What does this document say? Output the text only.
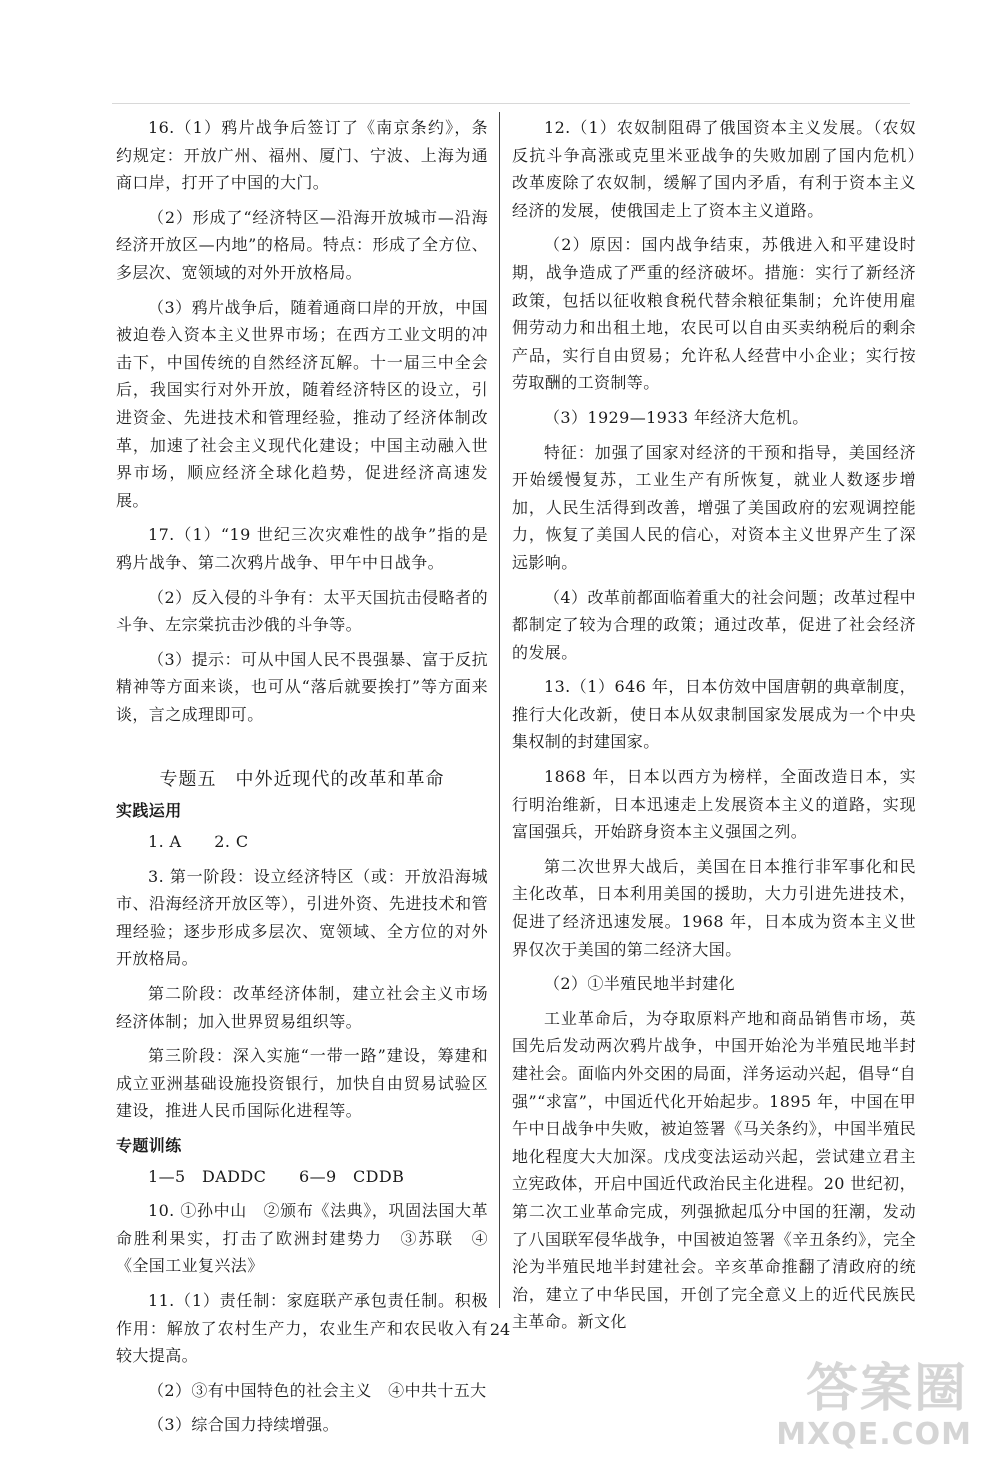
16.（1）鸦片战争后签订了《南京条约》，条约规定：开放广州、福州、厦门、宁波、上海为通商口岸，打开了中国的大门。

（2）形成了“经济特区—沿海开放城市—沿海经济开放区—内地”的格局。特点：形成了全方位、多层次、宽领域的对外开放格局。

（3）鸦片战争后，随着通商口岸的开放，中国被迫卷入资本主义世界市场；在西方工业文明的冲击下，中国传统的自然经济瓦解。十一届三中全会后，我国实行对外开放，随着经济特区的设立，引进资金、先进技术和管理经验，推动了经济体制改革，加速了社会主义现代化建设；中国主动融入世界市场，顺应经济全球化趋势，促进经济高速发展。

17.（1）“19 世纪三次灾难性的战争”指的是鸦片战争、第二次鸦片战争、甲午中日战争。

（2）反入侵的斗争有：太平天国抗击侵略者的斗争、左宗棠抗击沙俄的斗争等。

（3）提示：可从中国人民不畏强暴、富于反抗精神等方面来谈，也可从“落后就要挨打”等方面来谈，言之成理即可。

专题五　中外近现代的改革和革命
实践运用

1. A　　2. C

3. 第一阶段：设立经济特区（或：开放沿海城市、沿海经济开放区等），引进外资、先进技术和管理经验；逐步形成多层次、宽领域、全方位的对外开放格局。

第二阶段：改革经济体制，建立社会主义市场经济体制；加入世界贸易组织等。

第三阶段：深入实施“一带一路”建设，筹建和成立亚洲基础设施投资银行，加快自由贸易试验区建设，推进人民币国际化进程等。

专题训练

1—5　DADDC　　6—9　CDDB

10. ①孙中山　②颁布《法典》，巩固法国大革命胜利果实，打击了欧洲封建势力　③苏联　④《全国工业复兴法》

11.（1）责任制：家庭联产承包责任制。积极作用：解放了农村生产力，农业生产和农民收入有较大提高。

（2）③有中国特色的社会主义　④中共十五大

（3）综合国力持续增强。

12.（1）农奴制阻碍了俄国资本主义发展。（农奴反抗斗争高涨或克里米亚战争的失败加剧了国内危机）　改革废除了农奴制，缓解了国内矛盾，有利于资本主义经济的发展，使俄国走上了资本主义道路。

（2）原因：国内战争结束，苏俄进入和平建设时期，战争造成了严重的经济破坏。措施：实行了新经济政策，包括以征收粮食税代替余粮征集制；允许使用雇佣劳动力和出租土地，农民可以自由买卖纳税后的剩余产品，实行自由贸易；允许私人经营中小企业；实行按劳取酬的工资制等。

（3）1929—1933 年经济大危机。

特征：加强了国家对经济的干预和指导，美国经济开始缓慢复苏，工业生产有所恢复，就业人数逐步增加，人民生活得到改善，增强了美国政府的宏观调控能力，恢复了美国人民的信心，对资本主义世界产生了深远影响。

（4）改革前都面临着重大的社会问题；改革过程中都制定了较为合理的政策；通过改革，促进了社会经济的发展。

13.（1）646 年，日本仿效中国唐朝的典章制度，推行大化改新，使日本从奴隶制国家发展成为一个中央集权制的封建国家。

1868 年，日本以西方为榜样，全面改造日本，实行明治维新，日本迅速走上发展资本主义的道路，实现富国强兵，开始跻身资本主义强国之列。

第二次世界大战后，美国在日本推行非军事化和民主化改革，日本利用美国的援助，大力引进先进技术，促进了经济迅速发展。1968 年，日本成为资本主义世界仅次于美国的第二经济大国。

（2）①半殖民地半封建化

工业革命后，为夺取原料产地和商品销售市场，英国先后发动两次鸦片战争，中国开始沦为半殖民地半封建社会。面临内外交困的局面，洋务运动兴起，倡导“自强”“求富”，中国近代化开始起步。1895 年，中国在甲午中日战争中失败，被迫签署《马关条约》，中国半殖民地化程度大大加深。戊戌变法运动兴起，尝试建立君主立宪政体，开启中国近代政治民主化进程。20 世纪初，第二次工业革命完成，列强掀起瓜分中国的狂潮，发动了八国联军侵华战争，中国被迫签署《辛丑条约》，完全沦为半殖民地半封建社会。辛亥革命推翻了清政府的统治，建立了中华民国，开创了完全意义上的近代民族民主革命。新文化

24
答案圈
MXQE.COM
